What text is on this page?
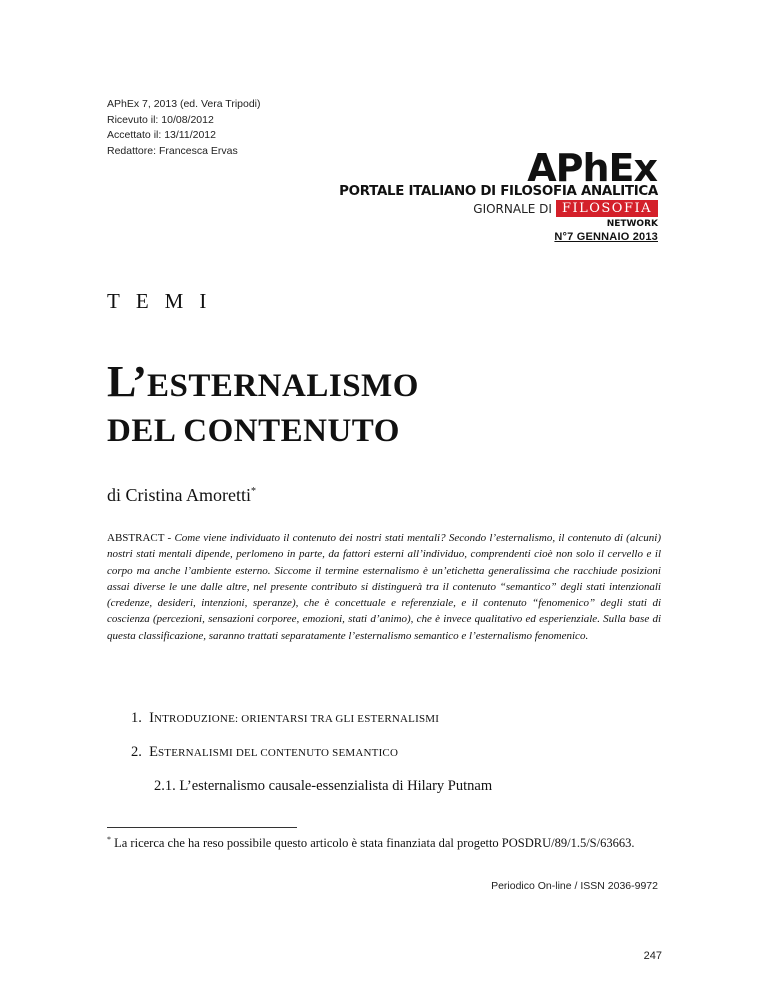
APhEx 7, 2013 (ed. Vera Tripodi)
Ricevuto il: 10/08/2012
Accettato il: 13/11/2012
Redattore: Francesca Ervas	APhEx
PORTALE ITALIANO DI FILOSOFIA ANALITICA
GIORNALE DI FILOSOFIA
NETWORK
N°7 GENNAIO 2013
TEMI
L’ESTERNALISMO
DEL CONTENUTO
di Cristina Amoretti*
ABSTRACT - Come viene individuato il contenuto dei nostri stati mentali? Secondo l’esternalismo, il contenuto di (alcuni) nostri stati mentali dipende, perlomeno in parte, da fattori esterni all’individuo, comprendenti cioè non solo il cervello e il corpo ma anche l’ambiente esterno. Siccome il termine esternalismo è un’etichetta generalissima che racchiude posizioni assai diverse le une dalle altre, nel presente contributo si distinguerà tra il contenuto “semantico” degli stati intenzionali (credenze, desideri, intenzioni, speranze), che è concettuale e referenziale, e il contenuto “fenomenico” degli stati di coscienza (percezioni, sensazioni corporee, emozioni, stati d’animo), che è invece qualitativo ed esperienziale. Sulla base di questa classificazione, saranno trattati separatamente l’esternalismo semantico e l’esternalismo fenomenico.
1. INTRODUZIONE: ORIENTARSI TRA GLI ESTERNALISMI
2. ESTERNALISMI DEL CONTENUTO SEMANTICO
2.1. L’esternalismo causale-essenzialista di Hilary Putnam
* La ricerca che ha reso possibile questo articolo è stata finanziata dal progetto POSDRU/89/1.5/S/63663.
Periodico On-line / ISSN 2036-9972
247
